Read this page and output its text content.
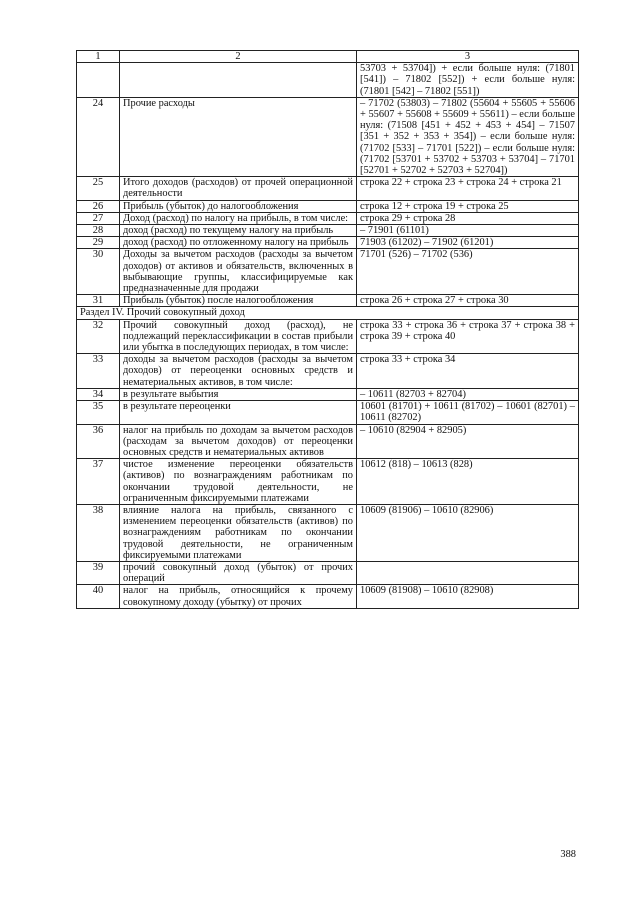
1	2	3
		53703 + 53704]) + если больше нуля: (71801 [541]) – 71802 [552]) + если больше нуля: (71801 [542] – 71802 [551])
24	Прочие расходы	– 71702 (53803) – 71802 (55604 + 55605 + 55606 + 55607 + 55608 + 55609 + 55611) – если больше нуля: (71508 [451 + 452 + 453 + 454] – 71507 [351 + 352 + 353 + 354]) – если больше нуля: (71702 [533] – 71701 [522]) – если больше нуля: (71702 [53701 + 53702 + 53703 + 53704] – 71701 [52701 + 52702 + 52703 + 52704])
25	Итого доходов (расходов) от прочей операционной деятельности	строка 22 + строка 23 + строка 24 + строка 21
26	Прибыль (убыток) до налогообложения	строка 12 + строка 19 + строка 25
27	Доход (расход) по налогу на прибыль, в том числе:	строка 29 + строка 28
28	доход (расход) по текущему налогу на прибыль	– 71901 (61101)
29	доход (расход) по отложенному налогу на прибыль	71903 (61202) – 71902 (61201)
30	Доходы за вычетом расходов (расходы за вычетом доходов) от активов и обязательств, включенных в выбывающие группы, классифицируемые как предназначенные для продажи	71701 (526) – 71702 (536)
31	Прибыль (убыток) после налогообложения	строка 26 + строка 27 + строка 30
Раздел IV. Прочий совокупный доход		
32	Прочий совокупный доход (расход), не подлежащий переклассификации в состав прибыли или убытка в последующих периодах, в том числе:	строка 33 + строка 36 + строка 37 + строка 38 + строка 39 + строка 40
33	доходы за вычетом расходов (расходы за вычетом доходов) от переоценки основных средств и нематериальных активов, в том числе:	строка 33 + строка 34
34	в результате выбытия	– 10611 (82703 + 82704)
35	в результате переоценки	10601 (81701) + 10611 (81702) – 10601 (82701) – 10611 (82702)
36	налог на прибыль по доходам за вычетом расходов (расходам за вычетом доходов) от переоценки основных средств и нематериальных активов	– 10610 (82904 + 82905)
37	чистое изменение переоценки обязательств (активов) по вознаграждениям работникам по окончании трудовой деятельности, не ограниченным фиксируемыми платежами	10612 (818) – 10613 (828)
38	влияние налога на прибыль, связанного с изменением переоценки обязательств (активов) по вознаграждениям работникам по окончании трудовой деятельности, не ограниченным фиксируемыми платежами	10609 (81906) – 10610 (82906)
39	прочий совокупный доход (убыток) от прочих операций	
40	налог на прибыль, относящийся к прочему совокупному доходу (убытку) от прочих	10609 (81908) – 10610 (82908)
388
